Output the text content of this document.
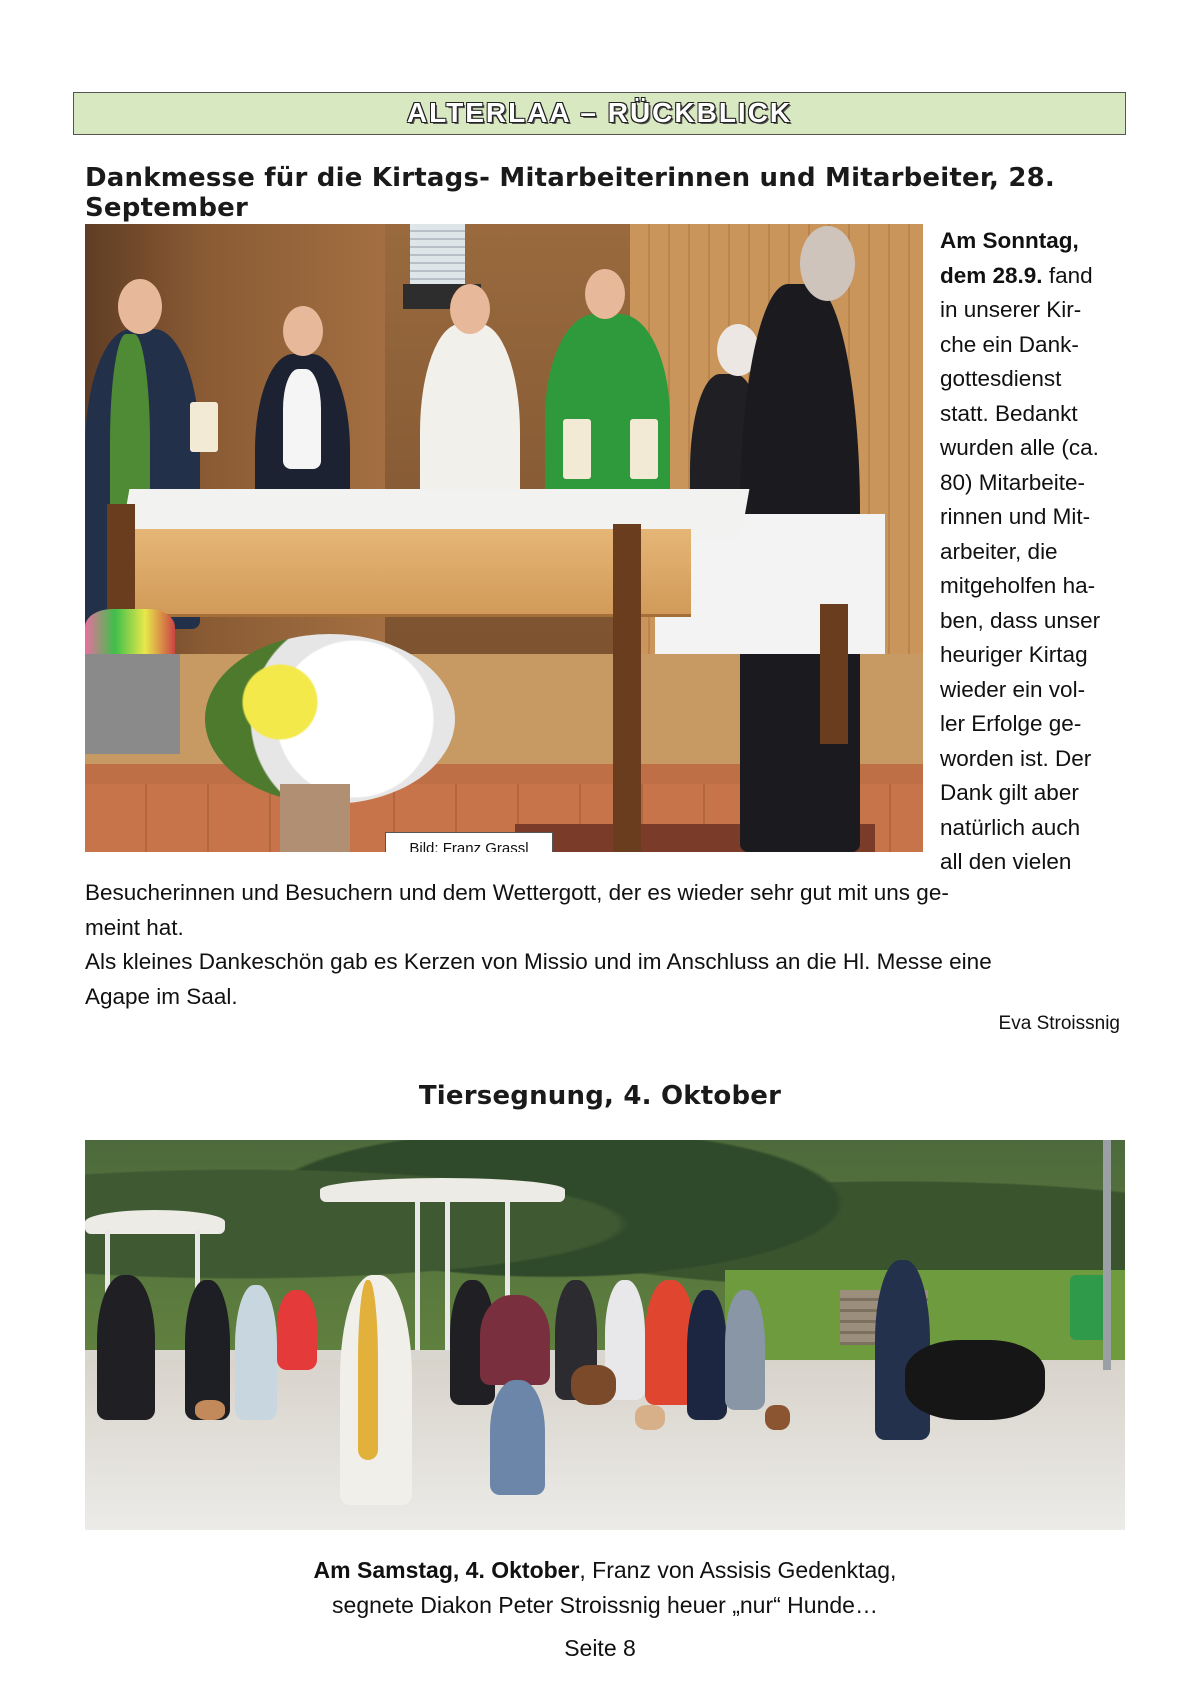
ALTERLAA – RÜCKBLICK
Dankmesse für die Kirtags- Mitarbeiterinnen und Mitarbeiter, 28. September
Bild: Franz Grassl
Am Sonntag,
dem 28.9. fand
in unserer Kir-
che ein Dank-
gottesdienst
statt. Bedankt
wurden alle (ca.
80) Mitarbeite-
rinnen und Mit-
arbeiter, die
mitgeholfen ha-
ben, dass unser
heuriger Kirtag
wieder ein vol-
ler Erfolge ge-
worden ist. Der
Dank gilt aber
natürlich auch
all den vielen
Besucherinnen und Besuchern und dem Wettergott, der es wieder sehr gut mit uns ge-
meint hat.
Als kleines Dankeschön gab es Kerzen von Missio und im Anschluss an die Hl. Messe eine
Agape im Saal.
Eva Stroissnig
Tiersegnung, 4. Oktober
Am Samstag, 4. Oktober, Franz von Assisis Gedenktag,
segnete Diakon Peter Stroissnig heuer „nur“ Hunde…
Seite 8
